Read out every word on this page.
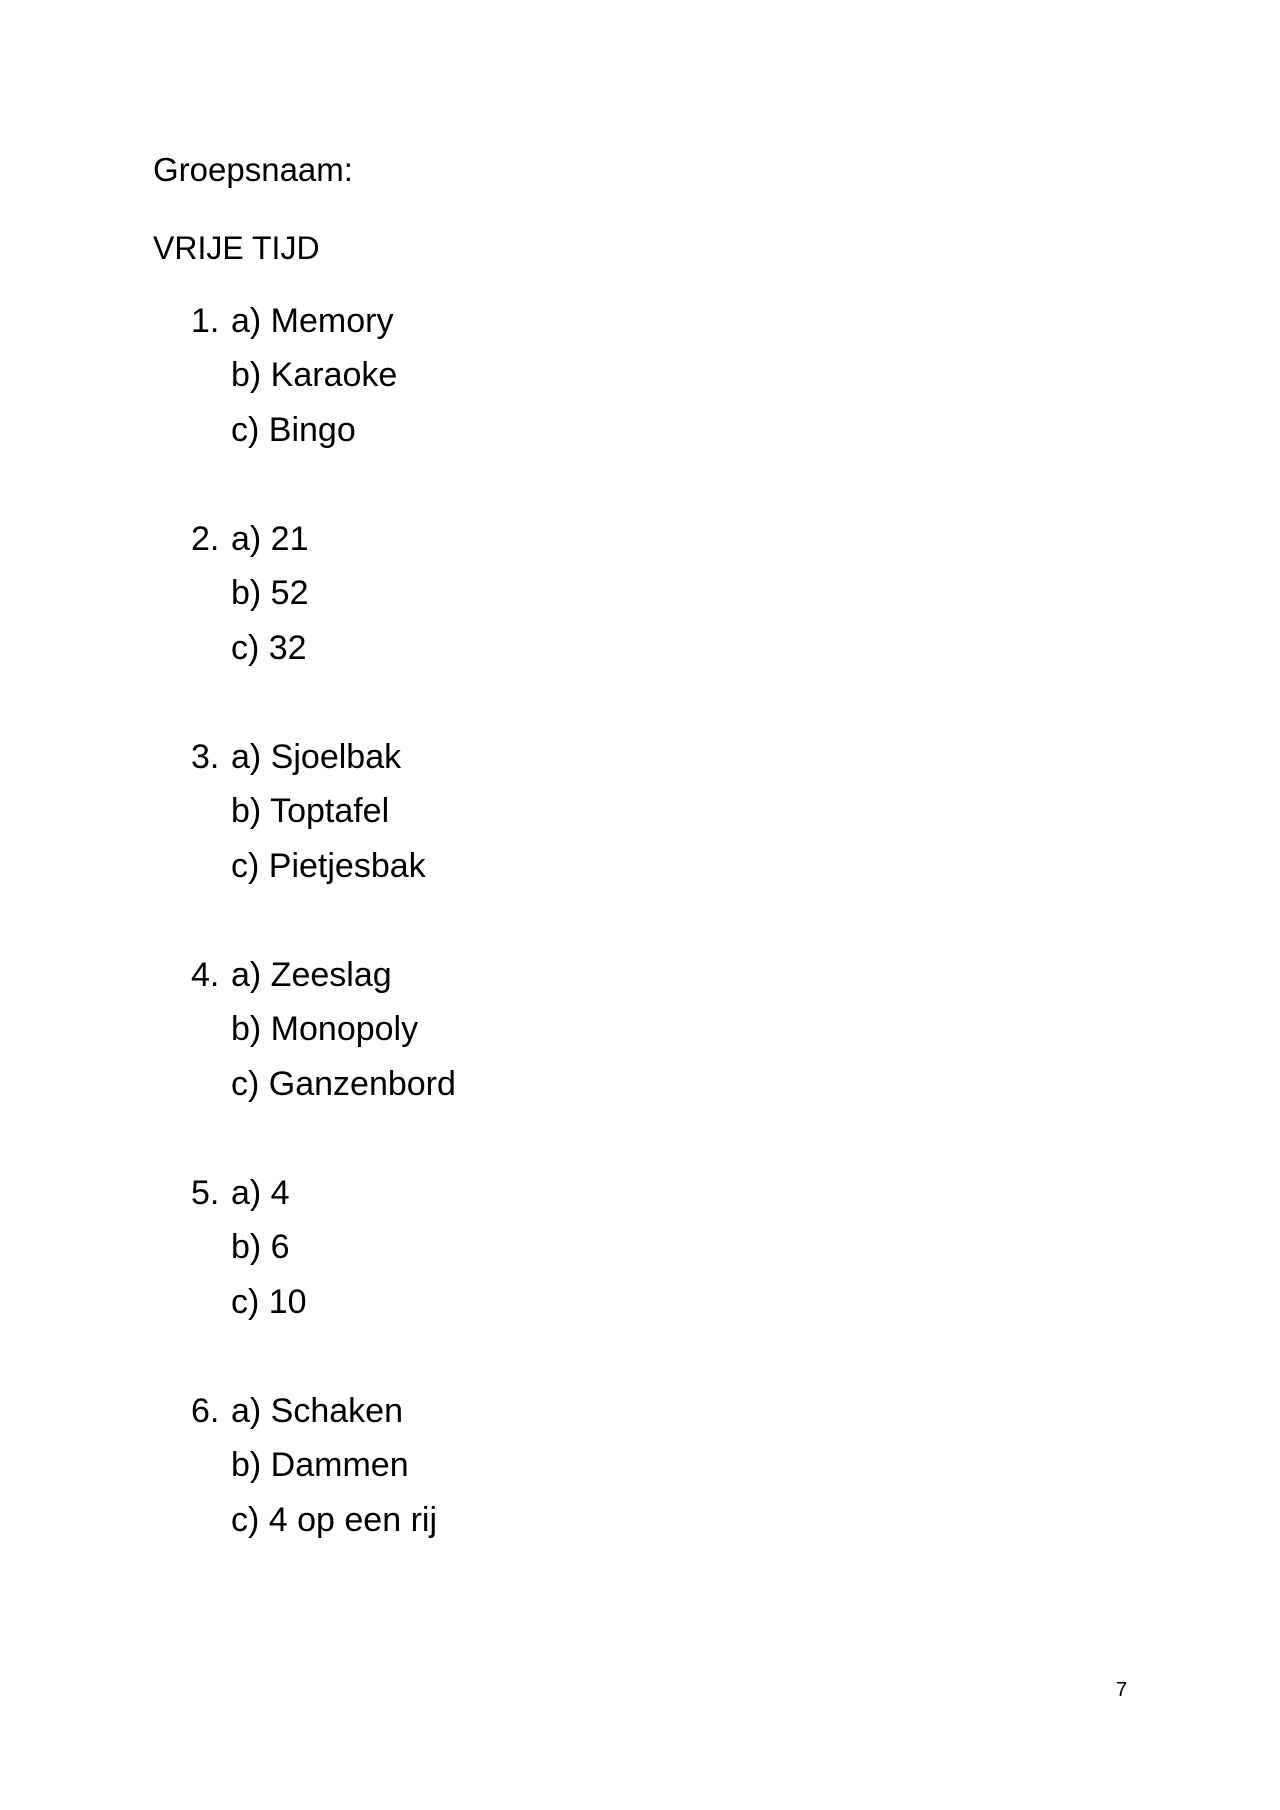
Groepsnaam:

VRIJE TIJD
1. a) Memory
b) Karaoke
c) Bingo
2. a) 21
b) 52
c) 32
3. a) Sjoelbak
b) Toptafel
c) Pietjesbak
4. a) Zeeslag
b) Monopoly
c) Ganzenbord
5. a) 4
b) 6
c) 10
6. a) Schaken
b) Dammen
c) 4 op een rij
7
